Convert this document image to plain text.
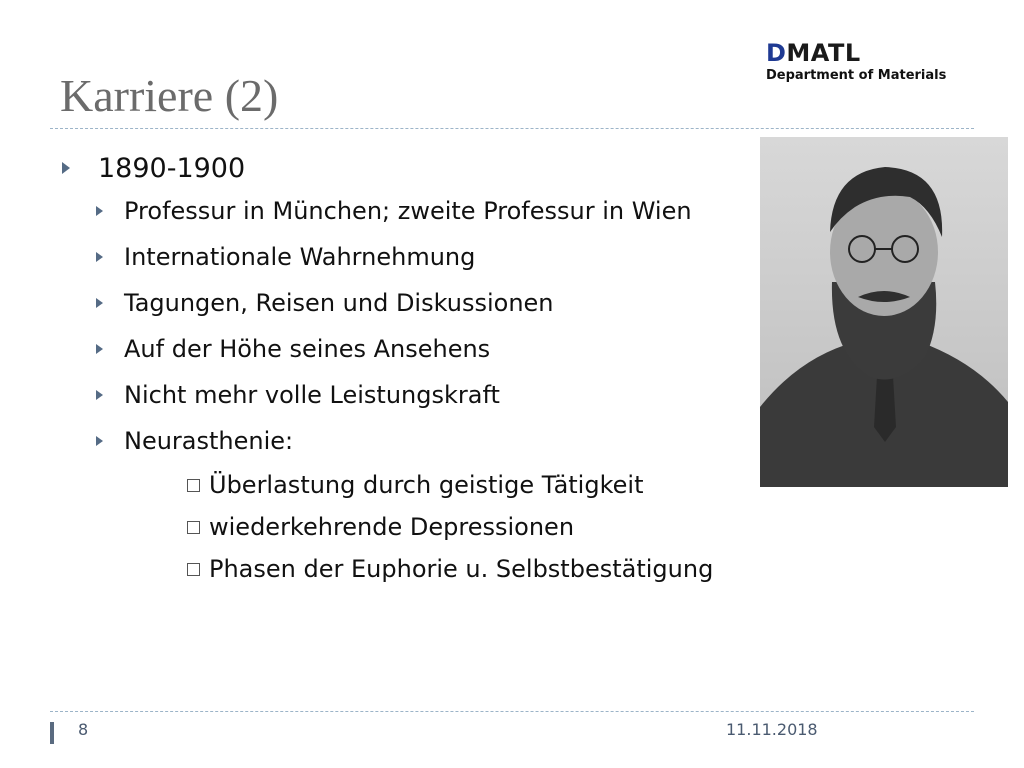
DMATL
Department of Materials
Karriere (2)
1890-1900
Professur in München; zweite Professur in Wien
Internationale Wahrnehmung
Tagungen, Reisen und Diskussionen
Auf der Höhe seines Ansehens
Nicht mehr volle Leistungskraft
Neurasthenie:
Überlastung durch geistige Tätigkeit
wiederkehrende Depressionen
Phasen der Euphorie u. Selbstbestätigung
8	11.11.2018
